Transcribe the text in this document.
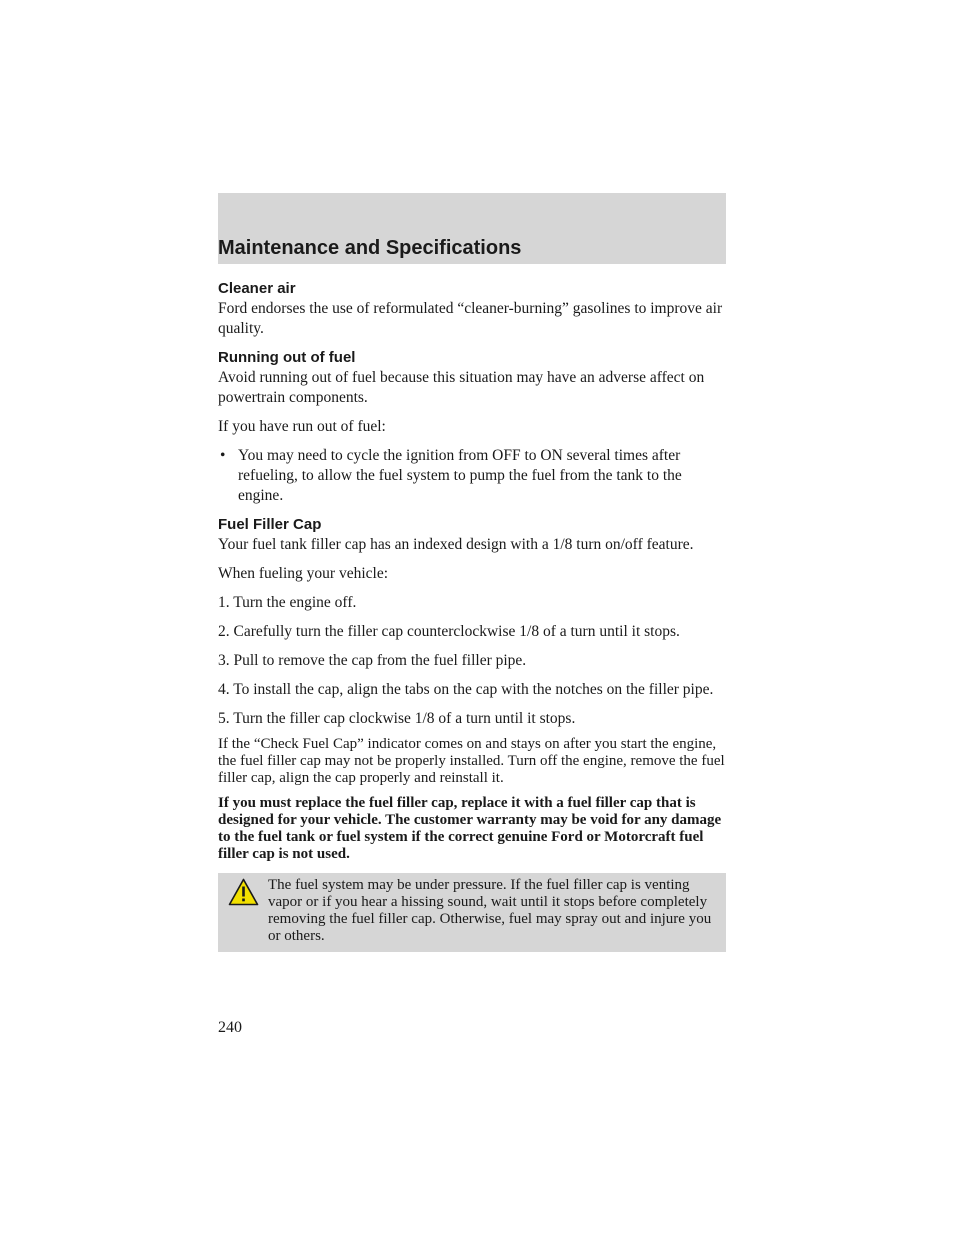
Maintenance and Specifications

Cleaner air

Ford endorses the use of reformulated “cleaner-burning” gasolines to improve air quality.

Running out of fuel

Avoid running out of fuel because this situation may have an adverse affect on powertrain components.

If you have run out of fuel:

• You may need to cycle the ignition from OFF to ON several times after refueling, to allow the fuel system to pump the fuel from the tank to the engine.

Fuel Filler Cap

Your fuel tank filler cap has an indexed design with a 1/8 turn on/off feature.

When fueling your vehicle:

1. Turn the engine off.

2. Carefully turn the filler cap counterclockwise 1/8 of a turn until it stops.

3. Pull to remove the cap from the fuel filler pipe.

4. To install the cap, align the tabs on the cap with the notches on the filler pipe.

5. Turn the filler cap clockwise 1/8 of a turn until it stops.

If the “Check Fuel Cap” indicator comes on and stays on after you start the engine, the fuel filler cap may not be properly installed. Turn off the engine, remove the fuel filler cap, align the cap properly and reinstall it.

If you must replace the fuel filler cap, replace it with a fuel filler cap that is designed for your vehicle. The customer warranty may be void for any damage to the fuel tank or fuel system if the correct genuine Ford or Motorcraft fuel filler cap is not used.

The fuel system may be under pressure. If the fuel filler cap is venting vapor or if you hear a hissing sound, wait until it stops before completely removing the fuel filler cap. Otherwise, fuel may spray out and injure you or others.

240
